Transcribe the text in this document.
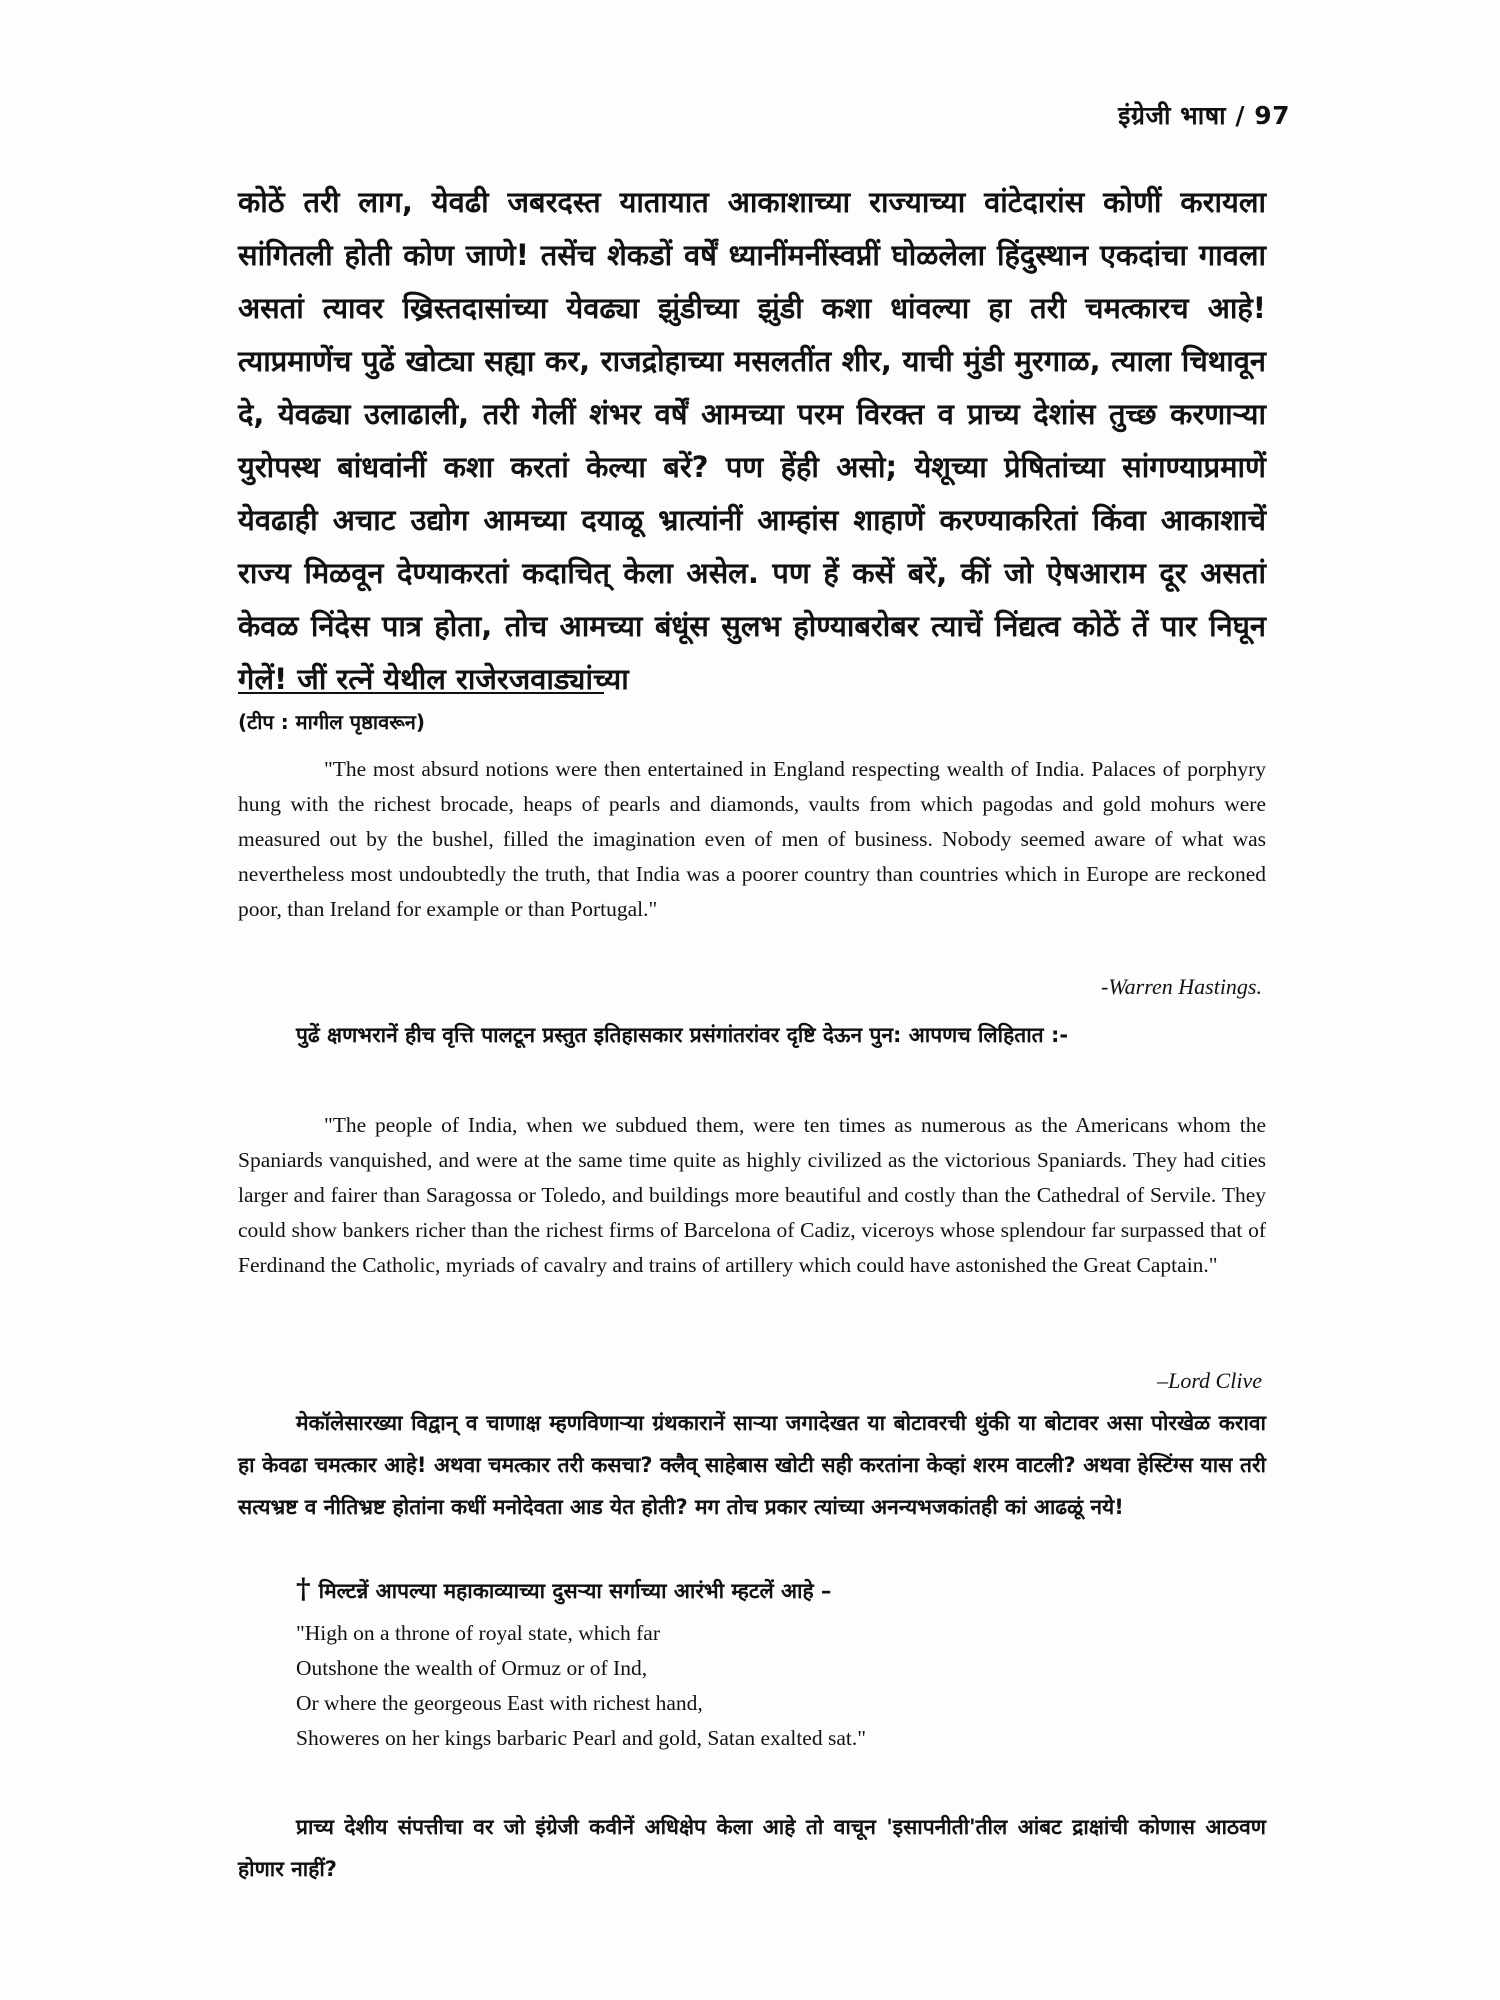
इंग्रेजी भाषा / 97
कोठें तरी लाग, येवढी जबरदस्त यातायात आकाशाच्या राज्याच्या वांटेदारांस कोणीं करायला सांगितली होती कोण जाणे! तसेंच शेकडों वर्षें ध्यानींमनींस्वप्नीं घोळलेला हिंदुस्थान एकदांचा गावला असतां त्यावर ख्रिस्तदासांच्या येवढ्या झुंडीच्या झुंडी कशा धांवल्या हा तरी चमत्कारच आहे! त्याप्रमाणेंच पुढें खोट्या सह्या कर, राजद्रोहाच्या मसलतींत शीर, याची मुंडी मुरगाळ, त्याला चिथावून दे, येवढ्या उलाढाली, तरी गेलीं शंभर वर्षें आमच्या परम विरक्त व प्राच्य देशांस तुच्छ करणाऱ्या युरोपस्थ बांधवांनीं कशा करतां केल्या बरें? पण हेंही असो; येशूच्या प्रेषितांच्या सांगण्याप्रमाणें येवढाही अचाट उद्योग आमच्या दयाळू भ्रात्यांनीं आम्हांस शाहाणें करण्याकरितां किंवा आकाशाचें राज्य मिळवून देण्याकरतां कदाचित् केला असेल. पण हें कसें बरें, कीं जो ऐषआराम दूर असतां केवळ निंदेस पात्र होता, तोच आमच्या बंधूंस सुलभ होण्याबरोबर त्याचें निंद्यत्व कोठें तें पार निघून गेलें! जीं रत्नें येथील राजेरजवाड्यांच्या
(टीप : मागील पृष्ठावरून)

"The most absurd notions were then entertained in England respecting wealth of India. Palaces of porphyry hung with the richest brocade, heaps of pearls and diamonds, vaults from which pagodas and gold mohurs were measured out by the bushel, filled the imagination even of men of business. Nobody seemed aware of what was nevertheless most undoubtedly the truth, that India was a poorer country than countries which in Europe are reckoned poor, than Ireland for example or than Portugal."

-Warren Hastings.

पुढें क्षणभरानें हीच वृत्ति पालटून प्रस्तुत इतिहासकार प्रसंगांतरांवर दृष्टि देऊन पुन: आपणच लिहितात :-

"The people of India, when we subdued them, were ten times as numerous as the Americans whom the Spaniards vanquished, and were at the same time quite as highly civilized as the victorious Spaniards. They had cities larger and fairer than Saragossa or Toledo, and buildings more beautiful and costly than the Cathedral of Servile. They could show bankers richer than the richest firms of Barcelona of Cadiz, viceroys whose splendour far surpassed that of Ferdinand the Catholic, myriads of cavalry and trains of artillery which could have astonished the Great Captain."

–Lord Clive

मेकॉलेसारख्या विद्वान् व चाणाक्ष म्हणविणाऱ्या ग्रंथकारानें साऱ्या जगादेखत या बोटावरची थुंकी या बोटावर असा पोरखेळ करावा हा केवढा चमत्कार आहे! अथवा चमत्कार तरी कसचा? क्लैव् साहेबास खोटी सही करतांना केव्हां शरम वाटली? अथवा हेस्टिंग्स यास तरी सत्यभ्रष्ट व नीतिभ्रष्ट होतांना कधीं मनोदेवता आड येत होती? मग तोच प्रकार त्यांच्या अनन्यभजकांतही कां आढळूं नये!

† मिल्टन्नें आपल्या महाकाव्याच्या दुसऱ्या सर्गाच्या आरंभी म्हटलें आहे –
"High on a throne of royal state, which far
Outshone the wealth of Ormuz or of Ind,
Or where the georgeous East with richest hand,
Showeres on her kings barbaric Pearl and gold, Satan exalted sat."

प्राच्य देशीय संपत्तीचा वर जो इंग्रेजी कवीनें अधिक्षेप केला आहे तो वाचून 'इसापनीती'तील आंबट द्राक्षांची कोणास आठवण होणार नाहीं?
